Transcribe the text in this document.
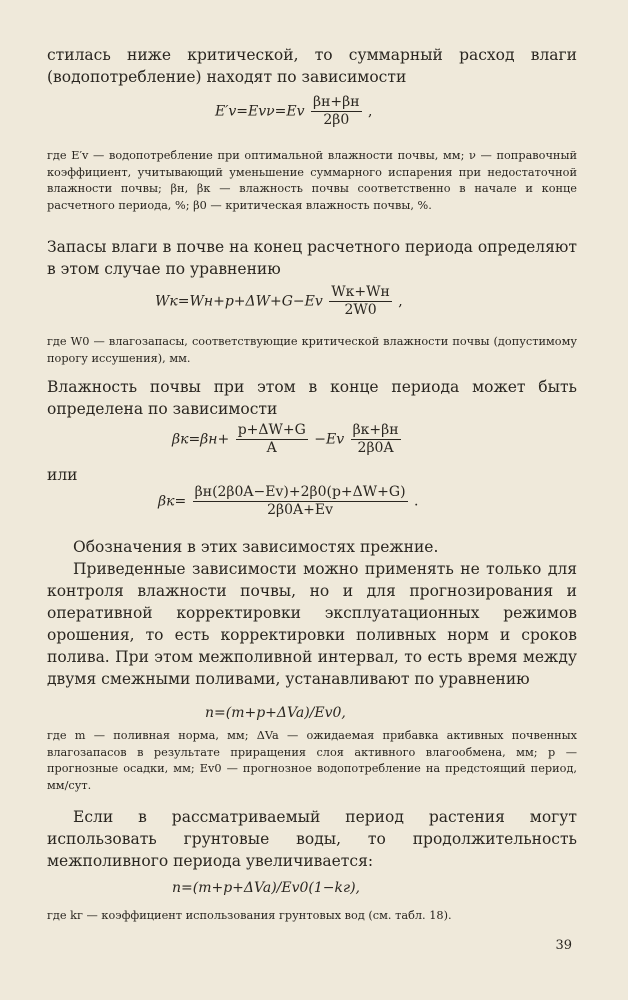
стилась ниже критической, то суммарный расход влаги (водопотребление) находят по зависимости
$E'v=Ev\nu=Ev \frac{\beta н+\beta н}{2\beta 0}$ ,
где E′v — водопотребление при оптимальной влажности почвы, мм; ν — поправочный коэффициент, учитывающий уменьшение суммарного испарения при недостаточной влажности почвы; βн, βк — влажность почвы соответственно в начале и конце расчетного периода, %; β0 — критическая влажность почвы, %.
Запасы влаги в почве на конец расчетного периода определяют в этом случае по уравнению
$Wк=Wн+p+\Delta W+G-Ev \frac{Wк+Wн}{2W0}$ ,
где W0 — влагозапасы, соответствующие критической влажности почвы (допустимому порогу иссушения), мм.
Влажность почвы при этом в конце периода может быть определена по зависимости
$\beta к=\beta н+ \frac{p+\Delta W+G}{A} -Ev \frac{\beta к+\beta н}{2\beta 0A}$
или
$\beta к= \frac{\beta н(2\beta 0A-Ev)+2\beta 0(p+\Delta W+G)}{2\beta 0A+Ev}$ .
Обозначения в этих зависимостях прежние.
Приведенные зависимости можно применять не только для контроля влажности почвы, но и для прогнозирования и оперативной корректировки эксплуатационных режимов орошения, то есть корректировки поливных норм и сроков полива. При этом межполивной интервал, то есть время между двумя смежными поливами, устанавливают по уравнению
n=(m+p+ΔVa)/Ev0,
где m — поливная норма, мм; ΔVa — ожидаемая прибавка активных почвенных влагозапасов в результате приращения слоя активного влагообмена, мм; p — прогнозные осадки, мм; Ev0 — прогнозное водопотребление на предстоящий период, мм/сут.
Если в рассматриваемый период растения могут использовать грунтовые воды, то продолжительность межполивного периода увеличивается:
n=(m+p+ΔVa)/Ev0(1−kг),
где kг — коэффициент использования грунтовых вод (см. табл. 18).
39
